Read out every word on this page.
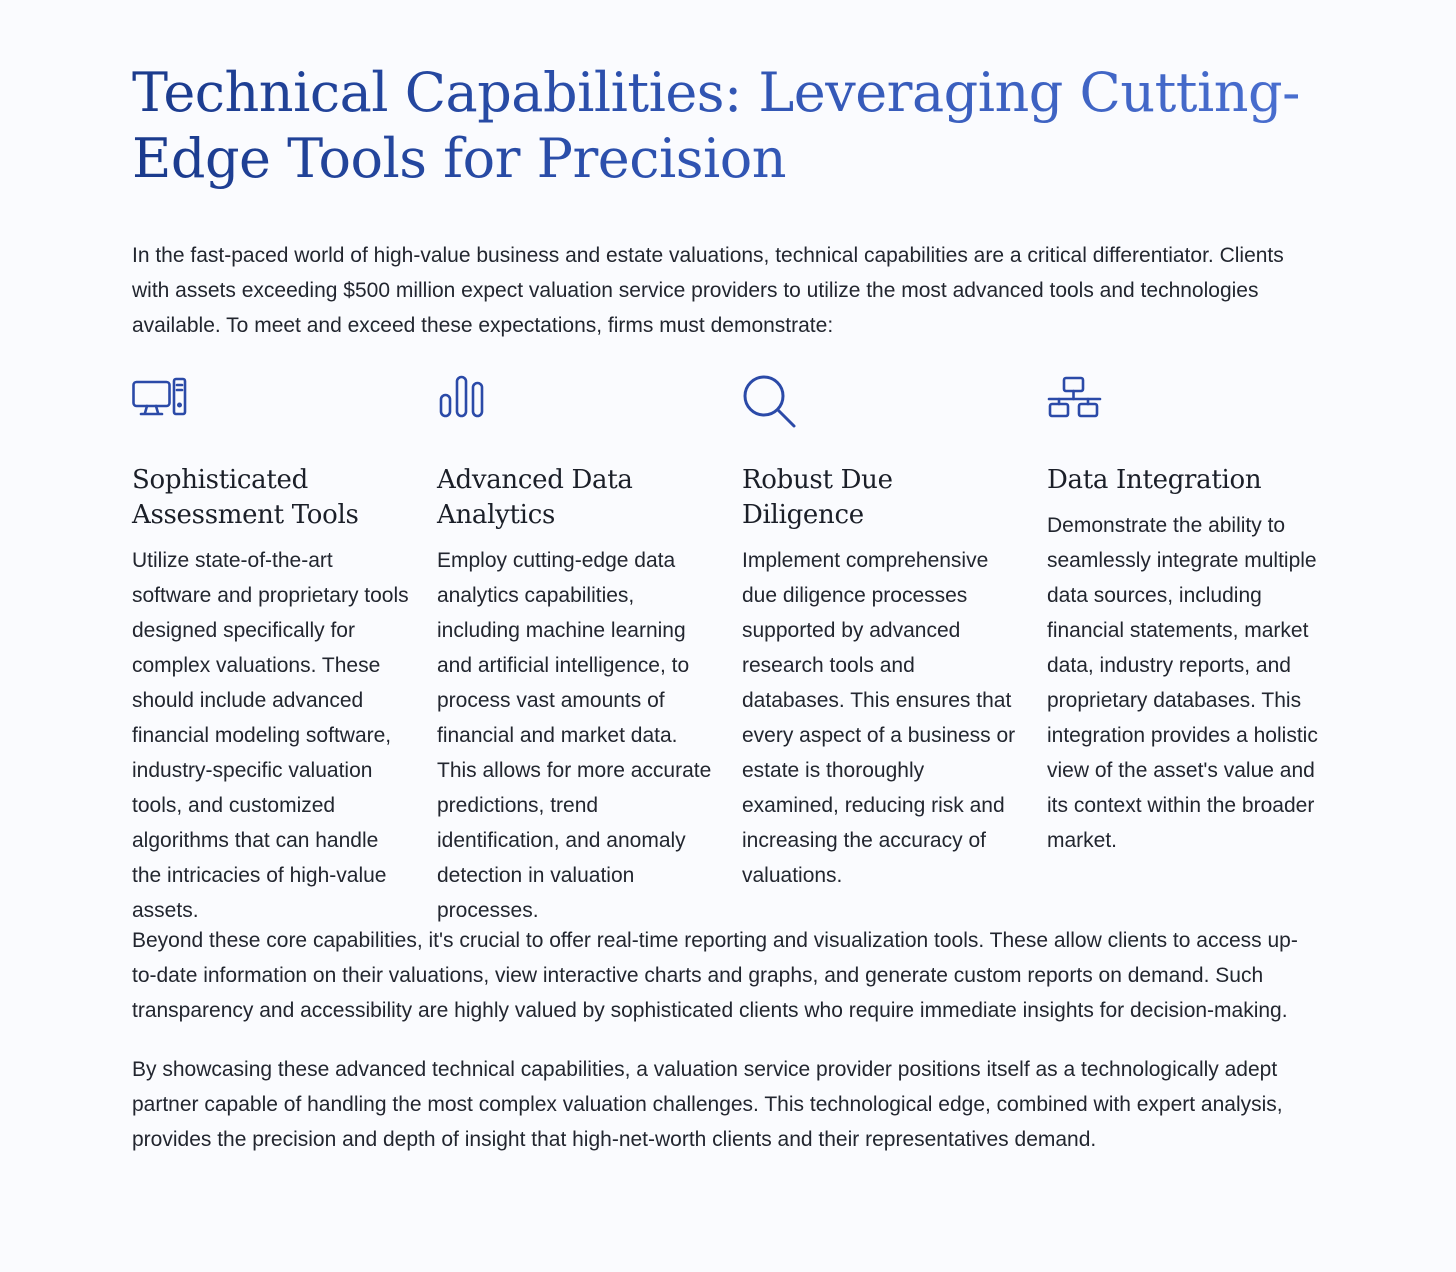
Technical Capabilities: Leveraging Cutting-Edge Tools for Precision

In the fast-paced world of high-value business and estate valuations, technical capabilities are a critical differentiator. Clients with assets exceeding $500 million expect valuation service providers to utilize the most advanced tools and technologies available. To meet and exceed these expectations, firms must demonstrate:

Sophisticated Assessment Tools

Utilize state-of-the-art software and proprietary tools designed specifically for complex valuations. These should include advanced financial modeling software, industry-specific valuation tools, and customized algorithms that can handle the intricacies of high-value assets.

Advanced Data Analytics

Employ cutting-edge data analytics capabilities, including machine learning and artificial intelligence, to process vast amounts of financial and market data. This allows for more accurate predictions, trend identification, and anomaly detection in valuation processes.

Robust Due Diligence

Implement comprehensive due diligence processes supported by advanced research tools and databases. This ensures that every aspect of a business or estate is thoroughly examined, reducing risk and increasing the accuracy of valuations.

Data Integration

Demonstrate the ability to seamlessly integrate multiple data sources, including financial statements, market data, industry reports, and proprietary databases. This integration provides a holistic view of the asset's value and its context within the broader market.

Beyond these core capabilities, it's crucial to offer real-time reporting and visualization tools. These allow clients to access up-to-date information on their valuations, view interactive charts and graphs, and generate custom reports on demand. Such transparency and accessibility are highly valued by sophisticated clients who require immediate insights for decision-making.

By showcasing these advanced technical capabilities, a valuation service provider positions itself as a technologically adept partner capable of handling the most complex valuation challenges. This technological edge, combined with expert analysis, provides the precision and depth of insight that high-net-worth clients and their representatives demand.
